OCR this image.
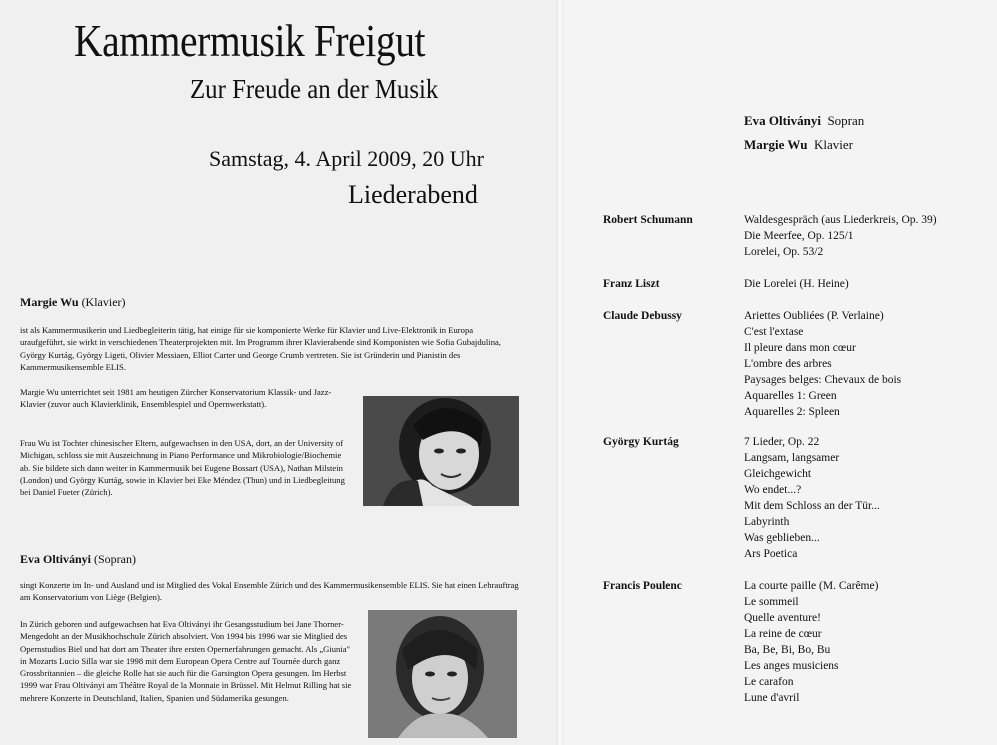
Kammermusik Freigut
Zur Freude an der Musik
Samstag, 4. April 2009, 20 Uhr
Liederabend
Margie Wu (Klavier)
ist als Kammermusikerin und Liedbegleiterin tätig, hat einige für sie komponierte Werke für Klavier und Live-Elektronik in Europa uraufgeführt, sie wirkt in verschiedenen Theaterprojekten mit. Im Programm ihrer Klavierabende sind Komponisten wie Sofia Gubajdulina, György Kurtág, György Ligeti, Olivier Messiaen, Elliot Carter und George Crumb vertreten. Sie ist Gründerin und Pianistin des Kammermusikensemble ELIS.
Margie Wu unterrichtet seit 1981 am heutigen Zürcher Konservatorium Klassik- und Jazz-Klavier (zuvor auch Klavierklinik, Ensemblespiel und Opernwerkstatt).
Frau Wu ist Tochter chinesischer Eltern, aufgewachsen in den USA, dort, an der University of Michigan, schloss sie mit Auszeichnung in Piano Performance und Mikrobiologie/Biochemie ab. Sie bildete sich dann weiter in Kammermusik bei Eugene Bossart (USA), Nathan Milstein (London) und György Kurtág, sowie in Klavier bei Eke Méndez (Thun) und in Liedbegleitung bei Daniel Fueter (Zürich).
Eva Oltiványi (Sopran)
singt Konzerte im In- und Ausland und ist Mitglied des Vokal Ensemble Zürich und des Kammermusikensemble ELIS. Sie hat einen Lehrauftrag am Konservatorium von Liège (Belgien).
In Zürich geboren und aufgewachsen hat Eva Oltiványi ihr Gesangsstudium bei Jane Thorner-Mengedoht an der Musikhochschule Zürich absolviert. Von 1994 bis 1996 war sie Mitglied des Opernstudios Biel und hat dort am Theater ihre ersten Opernerfahrungen gemacht. Als „Giunia" in Mozarts Lucio Silla war sie 1998 mit dem European Opera Centre auf Tournée durch ganz Grossbritannien – die gleiche Rolle hat sie auch für die Garsington Opera gesungen. Im Herbst 1999 war Frau Oltiványi am Théâtre Royal de la Monnaie in Brüssel. Mit Helmut Rilling hat sie mehrere Konzerte in Deutschland, Italien, Spanien und Südamerika gesungen.
Eva Oltiványi Sopran
Margie Wu Klavier
Robert Schumann	Waldesgespräch (aus Liederkreis, Op. 39)
Die Meerfee, Op. 125/1
Lorelei, Op. 53/2
Franz Liszt	Die Lorelei (H. Heine)
Claude Debussy	Ariettes Oubliées (P. Verlaine)
C'est l'extase
Il pleure dans mon cœur
L'ombre des arbres
Paysages belges: Chevaux de bois
Aquarelles 1: Green
Aquarelles 2: Spleen
György Kurtág	7 Lieder, Op. 22
Langsam, langsamer
Gleichgewicht
Wo endet...?
Mit dem Schloss an der Tür...
Labyrinth
Was geblieben...
Ars Poetica
Francis Poulenc	La courte paille (M. Carême)
Le sommeil
Quelle aventure!
La reine de cœur
Ba, Be, Bi, Bo, Bu
Les anges musiciens
Le carafon
Lune d'avril
